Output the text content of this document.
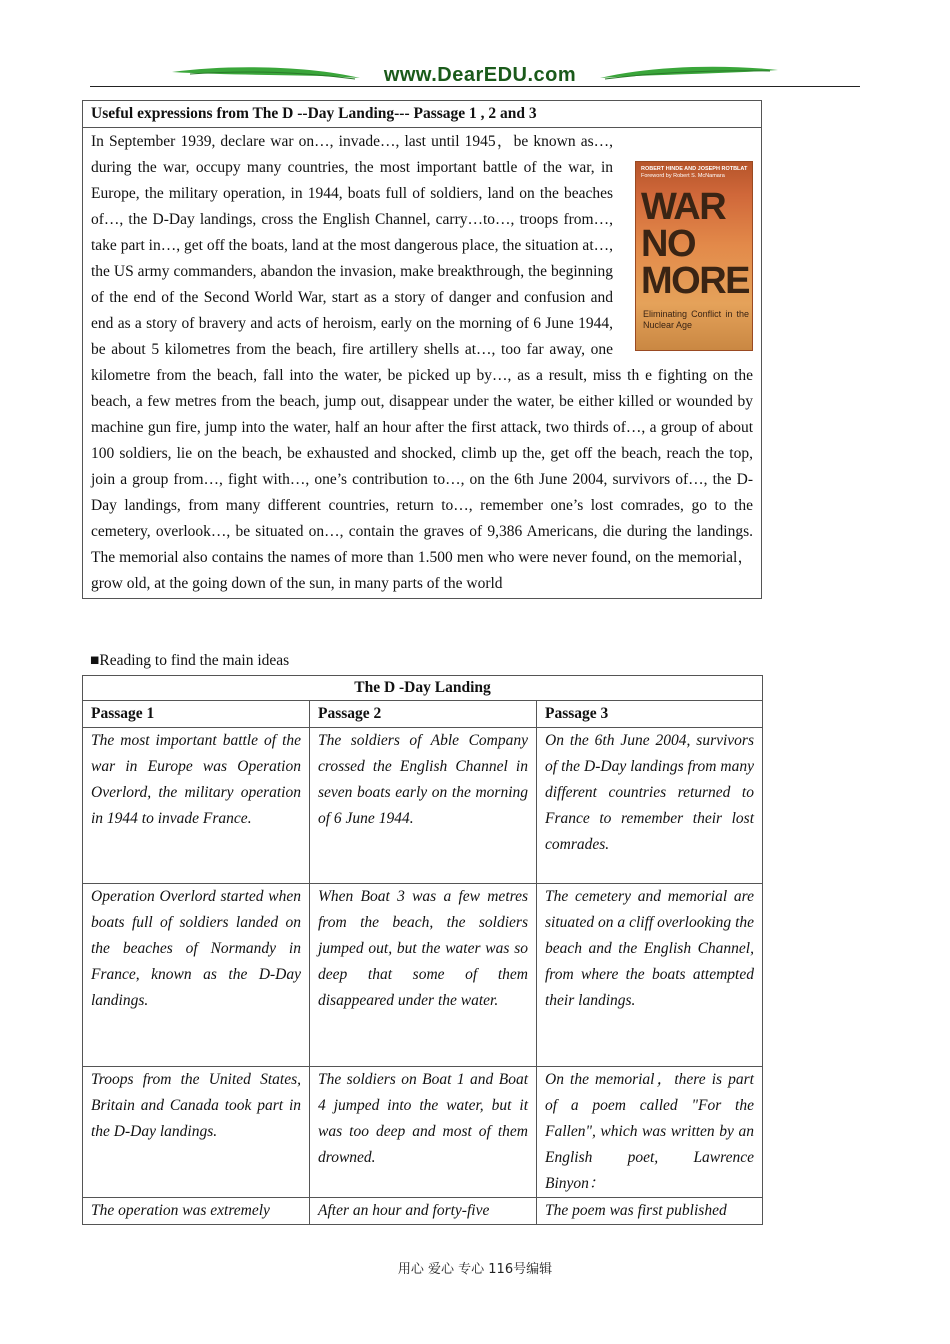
www.DearEDU.com
Useful expressions from The D --Day Landing--- Passage 1 , 2 and 3

ROBERT HINDE AND JOSEPH ROTBLAT
Foreword by Robert S. McNamara
WAR
NO
MORE
Eliminating Conflict in the Nuclear Age
In September 1939, declare war on…, invade…, last until 1945，be known as…, during the war, occupy many countries, the most important battle of the war, in Europe, the military operation, in 1944, boats full of soldiers, land on the beaches of…, the D-Day landings, cross the English Channel, carry…to…, troops from…, take part in…, get off the boats, land at the most dangerous place, the situation at…, the US army commanders, abandon the invasion, make breakthrough, the beginning of the end of the Second World War, start as a story of danger and confusion and end as a story of bravery and acts of heroism, early on the morning of 6 June 1944, be about 5 kilometres from the beach, fire artillery shells at…, too far away, one kilometre from the beach, fall into the water, be picked up by…, as a result, miss th e fighting on the beach, a few metres from the beach, jump out, disappear under the water, be either killed or wounded by machine gun fire, jump into the water, half an hour after the first attack, two thirds of…, a group of about 100 soldiers, lie on the beach, be exhausted and shocked, climb up the, get off the beach, reach the top, join a group from…, fight with…, one’s contribution to…, on the 6th June 2004, survivors of…, the D-Day landings, from many different countries, return to…, remember one’s lost comrades, go to the cemetery, overlook…, be situated on…, contain the graves of 9,386 Americans, die during the landings. The memorial also contains the names of more than 1.500 men who were never found, on the memorial， grow old, at the going down of the sun, in many parts of the world
■Reading to find the main ideas
The D -Day Landing		
Passage 1	Passage 2	Passage 3
The most important battle of the war in Europe was Operation Overlord, the military operation in 1944 to invade France.	The soldiers of Able Company crossed the English Channel in seven boats early on the morning of 6 June 1944.	On the 6th June 2004, survivors of the D-Day landings from many different countries returned to France to remember their lost comrades.
Operation Overlord started when boats full of soldiers landed on the beaches of Normandy in France, known as the D-Day landings.	When Boat 3 was a few metres from the beach, the soldiers jumped out, but the water was so deep that some of them disappeared under the water.	The cemetery and memorial are situated on a cliff overlooking the beach and the English Channel, from where the boats attempted their landings.
Troops from the United States, Britain and Canada took part in the D-Day landings.	The soldiers on Boat 1 and Boat 4 jumped into the water, but it was too deep and most of them drowned.	On the memorial，there is part of a poem called "For the Fallen", which was written by an English poet, Lawrence Binyon：
The operation was extremely	After an hour and forty-five	The poem was first published
用心 爱心 专心 116号编辑
